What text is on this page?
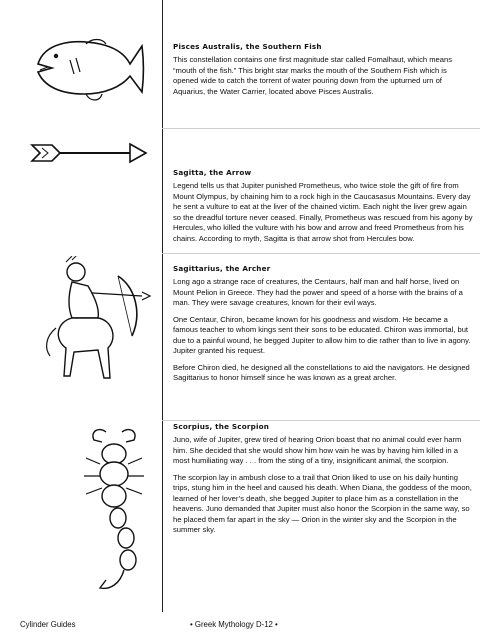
Pisces Australis, the Southern Fish
This constellation contains one first magnitude star called Fomalhaut, which means “mouth of the fish.” This bright star marks the mouth of the Southern Fish which is opened wide to catch the torrent of water pouring down from the upturned urn of Aquarius, the Water Carrier, located above Pisces Australis.
Sagitta, the Arrow
Legend tells us that Jupiter punished Prometheus, who twice stole the gift of fire from Mount Olympus, by chaining him to a rock high in the Caucasasus Mountains. Every day he sent a vulture to eat at the liver of the chained victim. Each night the liver grew again so the dreadful torture never ceased. Finally, Prometheus was rescued from his agony by Hercules, who killed the vulture with his bow and arrow and freed Prometheus from his chains. According to myth, Sagitta is that arrow shot from Hercules bow.
Sagittarius, the Archer
Long ago a strange race of creatures, the Centaurs, half man and half horse, lived on Mount Pelion in Greece. They had the power and speed of a horse with the brains of a man. They were savage creatures, known for their evil ways.
One Centaur, Chiron, became known for his goodness and wisdom. He became a famous teacher to whom kings sent their sons to be educated. Chiron was immortal, but due to a painful wound, he begged Jupiter to allow him to die rather than to live in agony. Jupiter granted his request.
Before Chiron died, he designed all the constellations to aid the navigators. He designed Sagittarius to honor himself since he was known as a great archer.
Scorpius, the Scorpion
Juno, wife of Jupiter, grew tired of hearing Orion boast that no animal could ever harm him. She decided that she would show him how vain he was by having him killed in a most humiliating way . . . from the sting of a tiny, insignificant animal, the scorpion.
The scorpion lay in ambush close to a trail that Orion liked to use on his daily hunting trips, stung him in the heel and caused his death. When Diana, the goddess of the moon, learned of her lover’s death, she begged Jupiter to place him as a constellation in the heavens. Juno demanded that Jupiter must also honor the Scorpion in the same way, so he placed them far apart in the sky — Orion in the winter sky and the Scorpion in the summer sky.
Cylinder Guides	• Greek Mythology D-12 •
